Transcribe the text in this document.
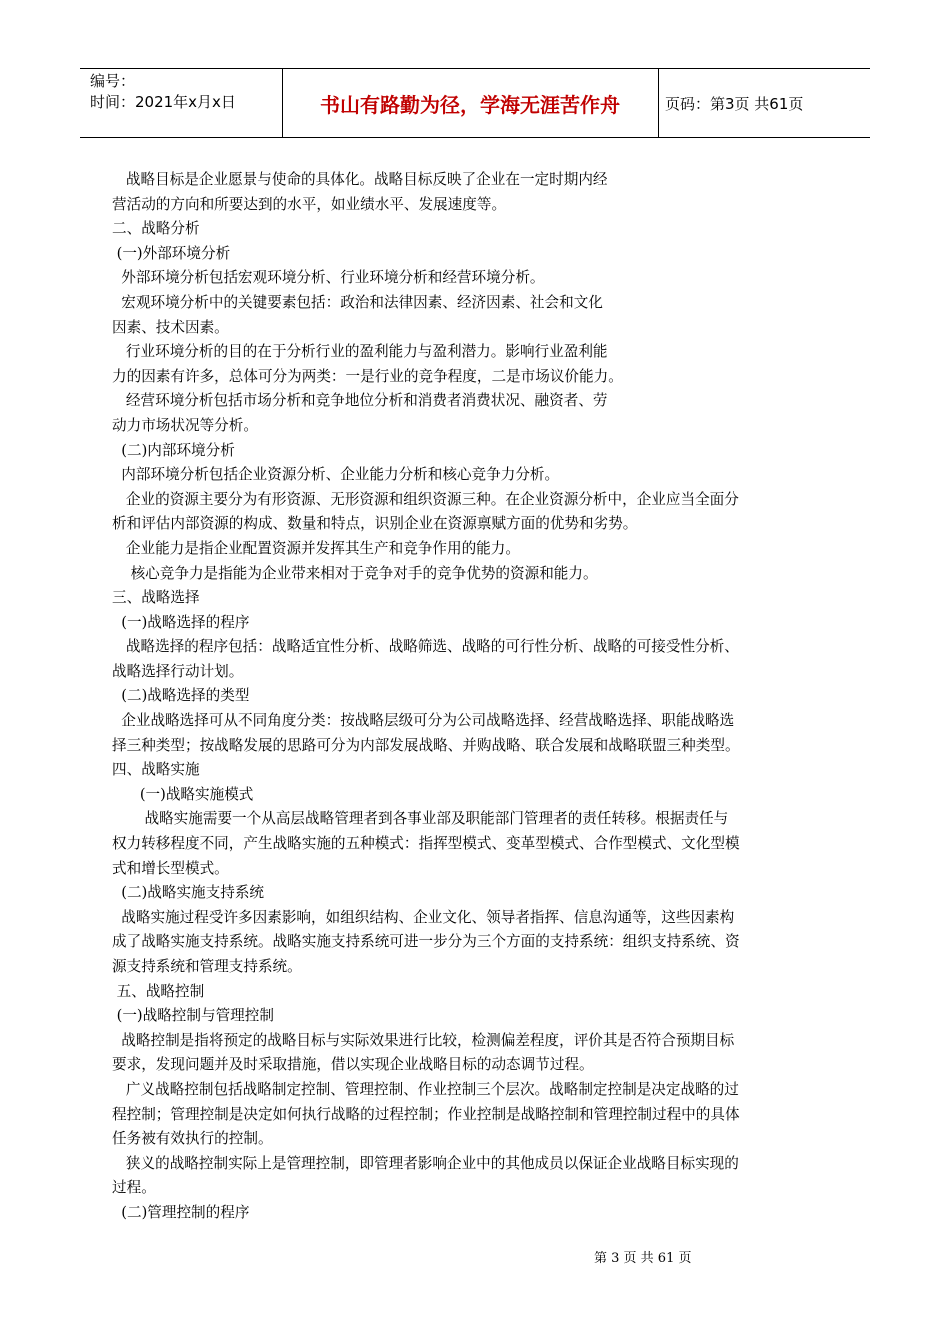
编号：
时间：2021年x月x日	书山有路勤为径，学海无涯苦作舟	页码：第3页 共61页

战略目标是企业愿景与使命的具体化。战略目标反映了企业在一定时期内经

营活动的方向和所要达到的水平，如业绩水平、发展速度等。

二、战略分析

(一)外部环境分析

外部环境分析包括宏观环境分析、行业环境分析和经营环境分析。

宏观环境分析中的关键要素包括：政治和法律因素、经济因素、社会和文化

因素、技术因素。

行业环境分析的目的在于分析行业的盈利能力与盈利潜力。影响行业盈利能

力的因素有许多，总体可分为两类：一是行业的竞争程度，二是市场议价能力。

经营环境分析包括市场分析和竞争地位分析和消费者消费状况、融资者、劳

动力市场状况等分析。

(二)内部环境分析

内部环境分析包括企业资源分析、企业能力分析和核心竞争力分析。

企业的资源主要分为有形资源、无形资源和组织资源三种。在企业资源分析中，企业应当全面分

析和评估内部资源的构成、数量和特点，识别企业在资源禀赋方面的优势和劣势。

企业能力是指企业配置资源并发挥其生产和竞争作用的能力。

核心竞争力是指能为企业带来相对于竞争对手的竞争优势的资源和能力。

三、战略选择

(一)战略选择的程序

战略选择的程序包括：战略适宜性分析、战略筛选、战略的可行性分析、战略的可接受性分析、

战略选择行动计划。

(二)战略选择的类型

企业战略选择可从不同角度分类：按战略层级可分为公司战略选择、经营战略选择、职能战略选

择三种类型；按战略发展的思路可分为内部发展战略、并购战略、联合发展和战略联盟三种类型。

四、战略实施

(一)战略实施模式

战略实施需要一个从高层战略管理者到各事业部及职能部门管理者的责任转移。根据责任与

权力转移程度不同，产生战略实施的五种模式：指挥型模式、变革型模式、合作型模式、文化型模

式和增长型模式。

(二)战略实施支持系统

战略实施过程受许多因素影响，如组织结构、企业文化、领导者指挥、信息沟通等，这些因素构

成了战略实施支持系统。战略实施支持系统可进一步分为三个方面的支持系统：组织支持系统、资

源支持系统和管理支持系统。

五、战略控制

(一)战略控制与管理控制

战略控制是指将预定的战略目标与实际效果进行比较，检测偏差程度，评价其是否符合预期目标

要求，发现问题并及时采取措施，借以实现企业战略目标的动态调节过程。

广义战略控制包括战略制定控制、管理控制、作业控制三个层次。战略制定控制是决定战略的过

程控制；管理控制是决定如何执行战略的过程控制；作业控制是战略控制和管理控制过程中的具体

任务被有效执行的控制。

狭义的战略控制实际上是管理控制，即管理者影响企业中的其他成员以保证企业战略目标实现的

过程。

(二)管理控制的程序

第 3 页 共 61 页
